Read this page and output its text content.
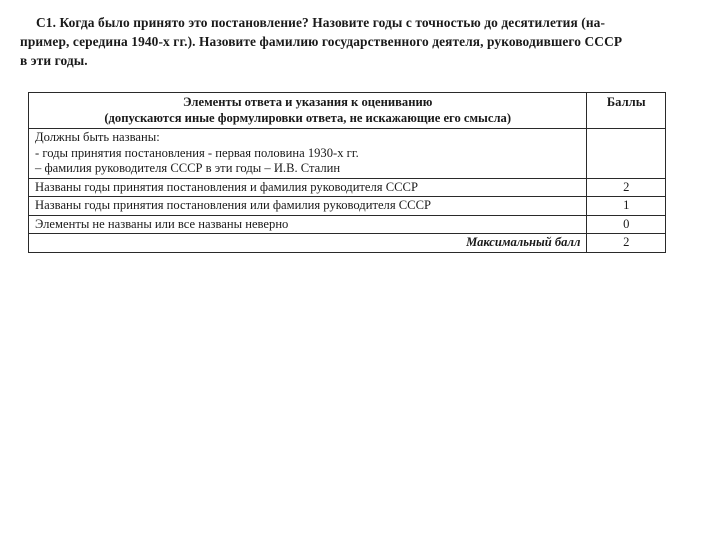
С1. Когда было принято это постановление? Назовите годы с точностью до десятилетия (на-
пример, середина 1940-х гг.). Назовите фамилию государственного деятеля, руководившего СССР
в эти годы.
Элементы ответа и указания к оцениванию
(допускаются иные формулировки ответа, не искажающие его смысла)	Баллы

Должны быть названы:
- годы принятия постановления - первая половина 1930-х гг.
– фамилия руководителя СССР в эти годы – И.В. Сталин	

Названы годы принятия постановления и фамилия руководителя СССР	2
Названы годы принятия постановления или фамилия руководителя СССР	1
Элементы не названы или все названы неверно	0
Максимальный балл	2
